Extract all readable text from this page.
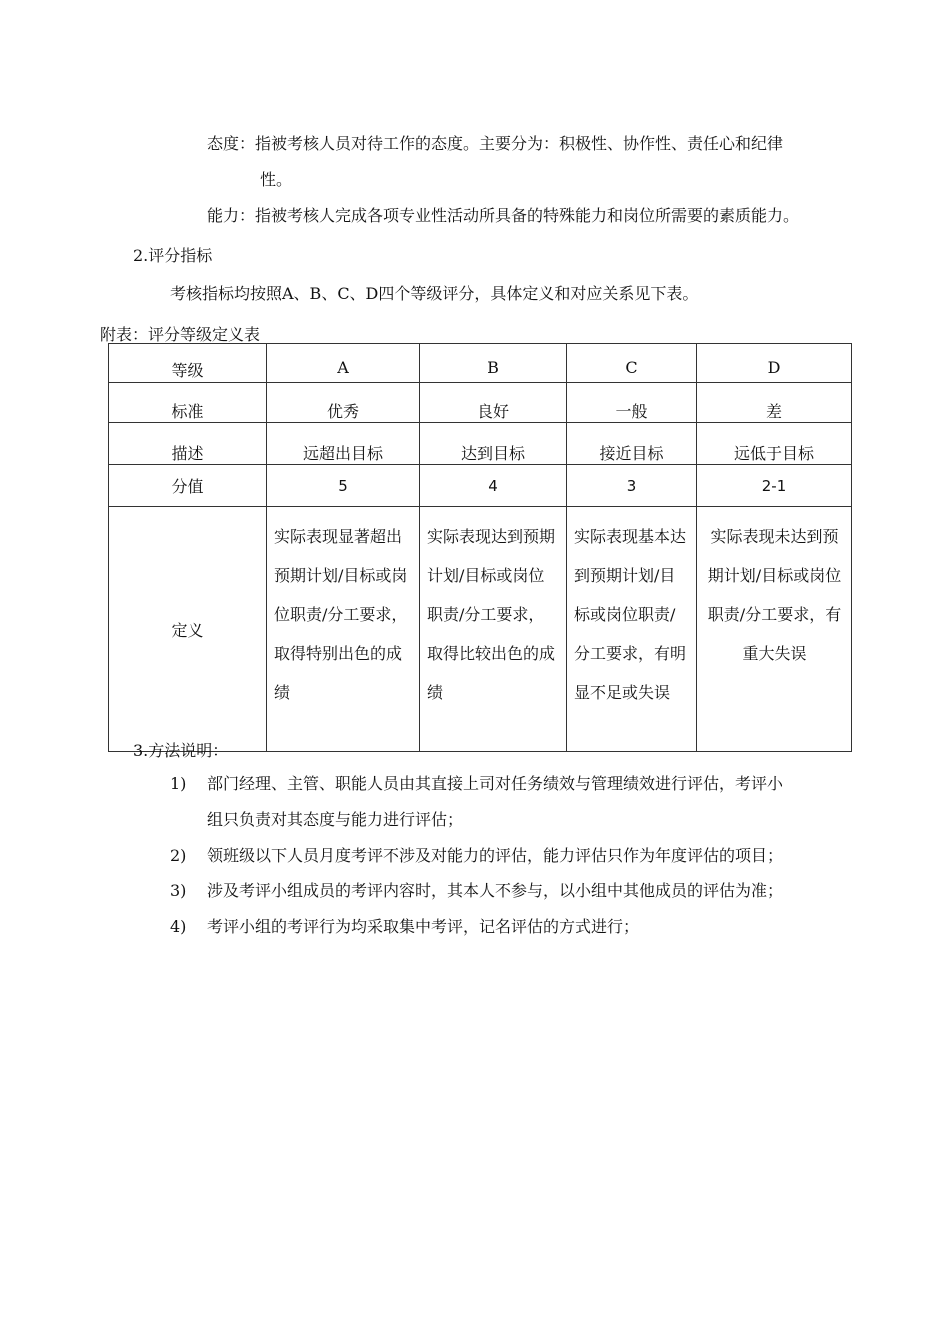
态度：指被考核人员对待工作的态度。主要分为：积极性、协作性、责任心和纪律
性。
能力：指被考核人完成各项专业性活动所具备的特殊能力和岗位所需要的素质能力。
2.评分指标
考核指标均按照A、B、C、D四个等级评分，具体定义和对应关系见下表。
附表：评分等级定义表
等级	A	B	C	D
标准	优秀	良好	一般	差
描述	远超出目标	达到目标	接近目标	远低于目标
分值	5	4	3	2-1
定义	实际表现显著超出预期计划/目标或岗位职责/分工要求，取得特别出色的成绩	实际表现达到预期计划/目标或岗位职责/分工要求，取得比较出色的成绩	实际表现基本达到预期计划/目标或岗位职责/分工要求，有明显不足或失误	实际表现未达到预期计划/目标或岗位职责/分工要求，有重大失误
3.方法说明：
1) 部门经理、主管、职能人员由其直接上司对任务绩效与管理绩效进行评估，考评小
组只负责对其态度与能力进行评估；
2) 领班级以下人员月度考评不涉及对能力的评估，能力评估只作为年度评估的项目；
3) 涉及考评小组成员的考评内容时，其本人不参与，以小组中其他成员的评估为准；
4) 考评小组的考评行为均采取集中考评，记名评估的方式进行；
